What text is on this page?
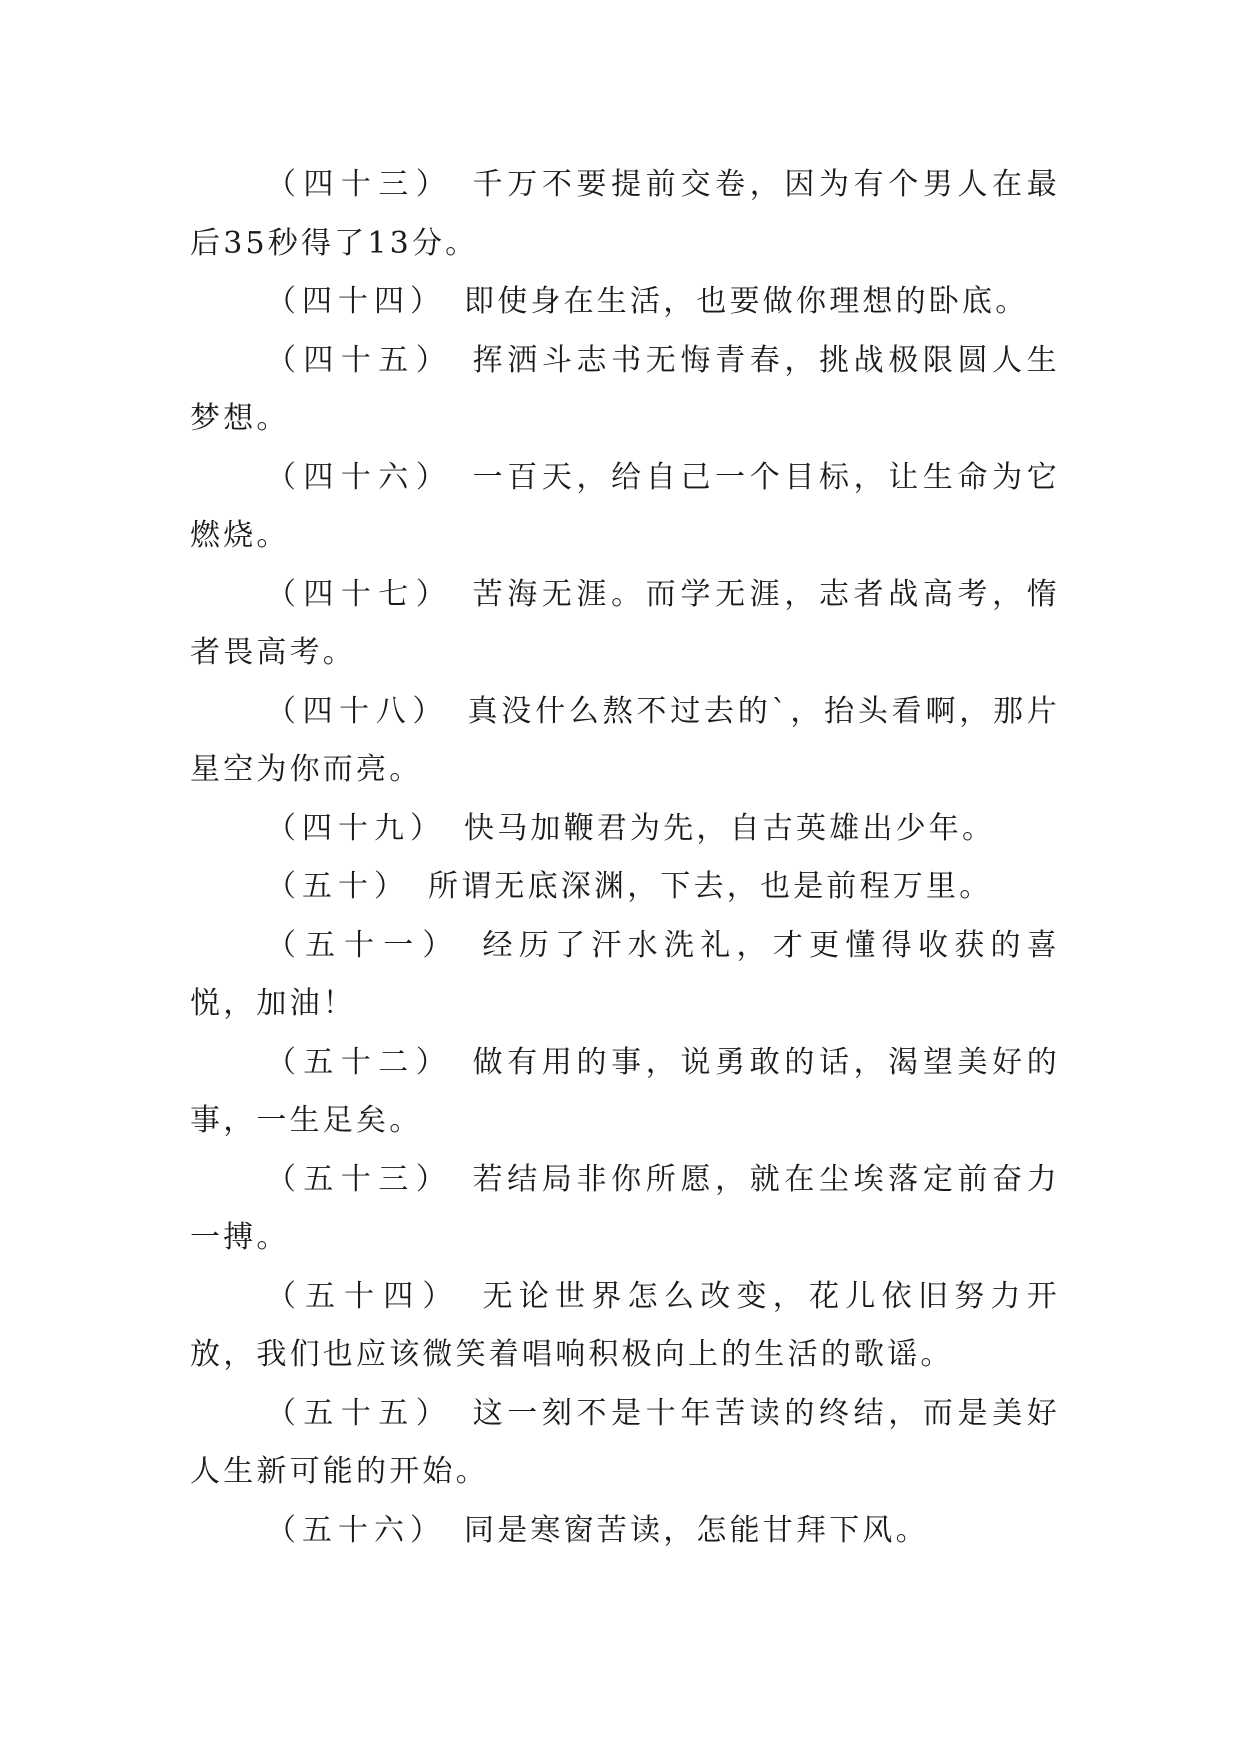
（四十三） 千万不要提前交卷，因为有个男人在最后35秒得了13分。

（四十四） 即使身在生活，也要做你理想的卧底。

（四十五） 挥洒斗志书无悔青春，挑战极限圆人生梦想。

（四十六） 一百天，给自己一个目标，让生命为它燃烧。

（四十七） 苦海无涯。而学无涯，志者战高考，惰者畏高考。

（四十八） 真没什么熬不过去的`，抬头看啊，那片星空为你而亮。

（四十九） 快马加鞭君为先，自古英雄出少年。

（五十） 所谓无底深渊，下去，也是前程万里。

（五十一） 经历了汗水洗礼，才更懂得收获的喜悦，加油！

（五十二） 做有用的事，说勇敢的话，渴望美好的事，一生足矣。

（五十三） 若结局非你所愿，就在尘埃落定前奋力一搏。

（五十四） 无论世界怎么改变，花儿依旧努力开放，我们也应该微笑着唱响积极向上的生活的歌谣。

（五十五） 这一刻不是十年苦读的终结，而是美好人生新可能的开始。

（五十六） 同是寒窗苦读，怎能甘拜下风。
